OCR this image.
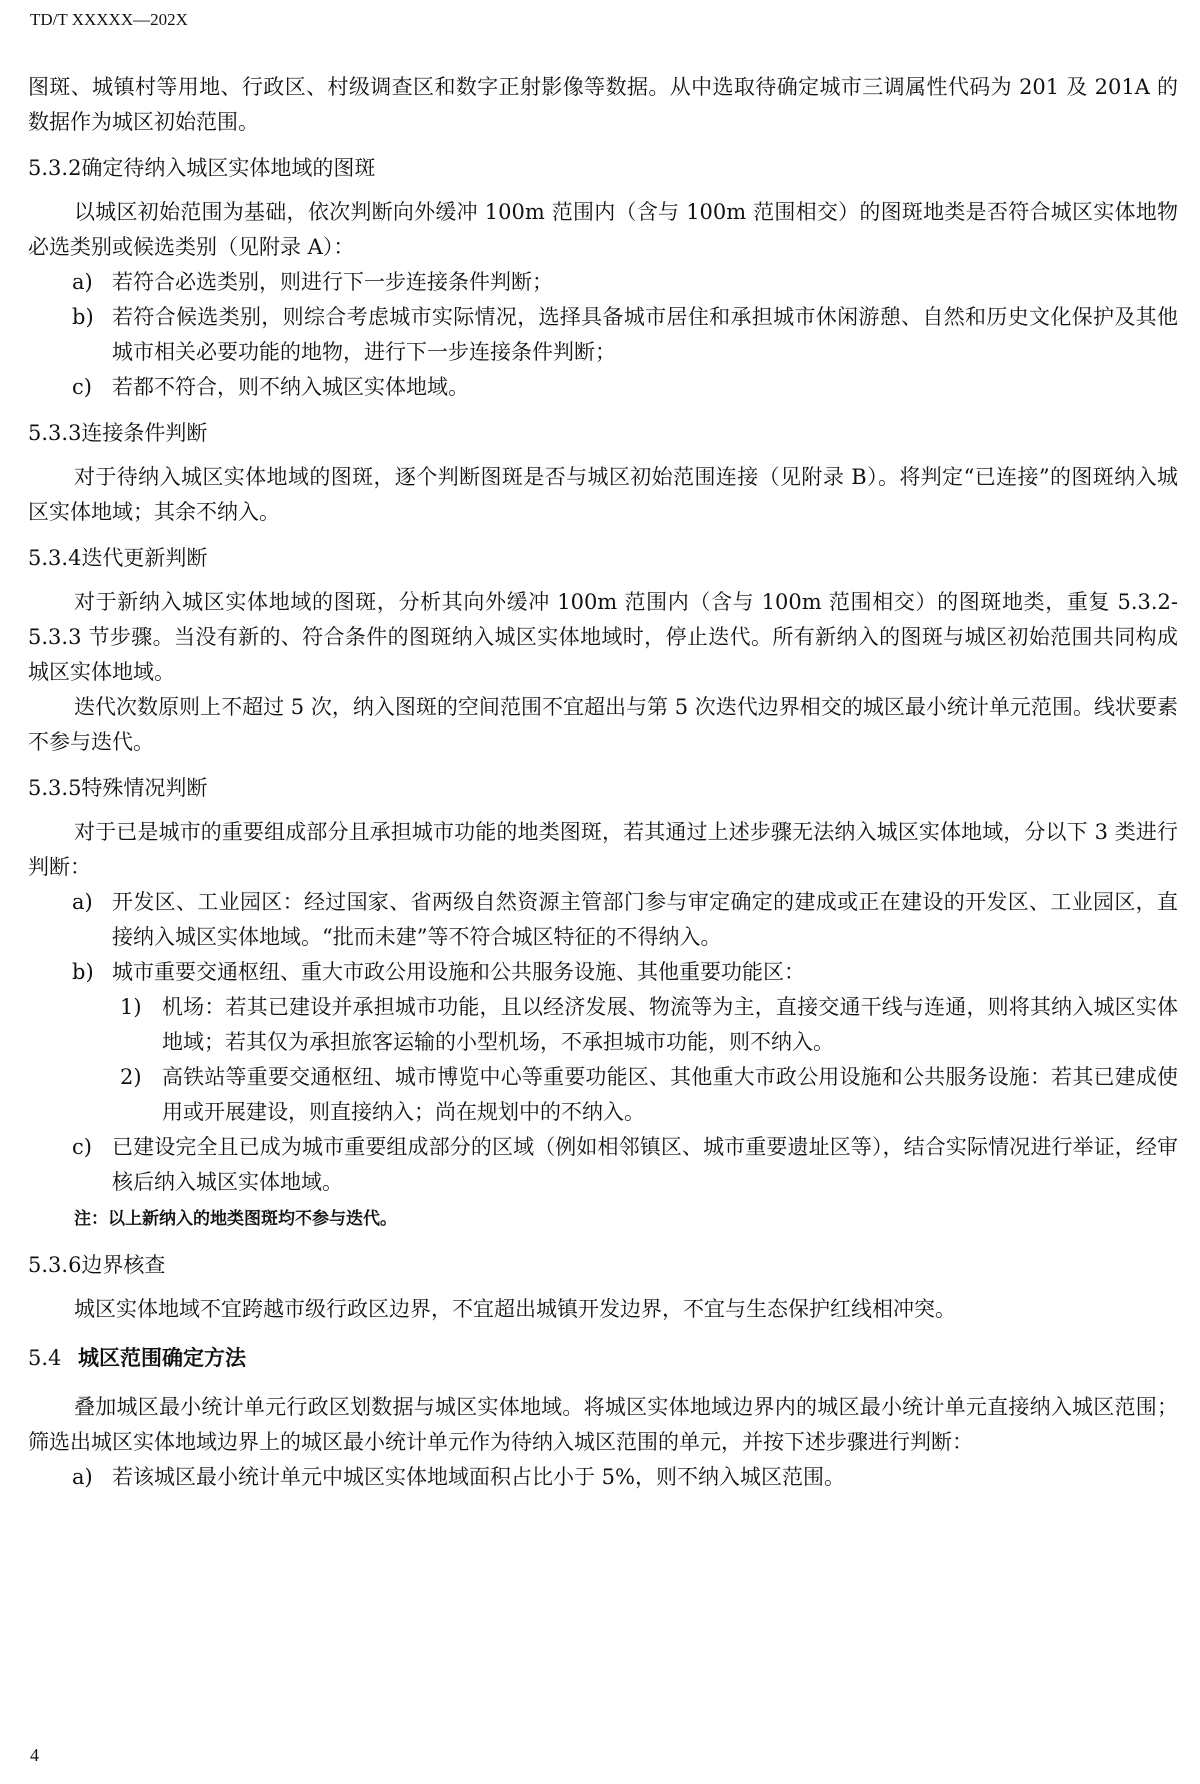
TD/T XXXXX—202X

图斑、城镇村等用地、行政区、村级调查区和数字正射影像等数据。从中选取待确定城市三调属性代码为 201 及 201A 的数据作为城区初始范围。

5.3.2确定待纳入城区实体地域的图斑

以城区初始范围为基础，依次判断向外缓冲 100m 范围内（含与 100m 范围相交）的图斑地类是否符合城区实体地物必选类别或候选类别（见附录 A）：

a) 若符合必选类别，则进行下一步连接条件判断；
b) 若符合候选类别，则综合考虑城市实际情况，选择具备城市居住和承担城市休闲游憩、自然和历史文化保护及其他城市相关必要功能的地物，进行下一步连接条件判断；
c) 若都不符合，则不纳入城区实体地域。
5.3.3连接条件判断

对于待纳入城区实体地域的图斑，逐个判断图斑是否与城区初始范围连接（见附录 B）。将判定“已连接”的图斑纳入城区实体地域；其余不纳入。

5.3.4迭代更新判断

对于新纳入城区实体地域的图斑，分析其向外缓冲 100m 范围内（含与 100m 范围相交）的图斑地类，重复 5.3.2-5.3.3 节步骤。当没有新的、符合条件的图斑纳入城区实体地域时，停止迭代。所有新纳入的图斑与城区初始范围共同构成城区实体地域。

迭代次数原则上不超过 5 次，纳入图斑的空间范围不宜超出与第 5 次迭代边界相交的城区最小统计单元范围。线状要素不参与迭代。

5.3.5特殊情况判断

对于已是城市的重要组成部分且承担城市功能的地类图斑，若其通过上述步骤无法纳入城区实体地域，分以下 3 类进行判断：

a) 开发区、工业园区：经过国家、省两级自然资源主管部门参与审定确定的建成或正在建设的开发区、工业园区，直接纳入城区实体地域。“批而未建”等不符合城区特征的不得纳入。
b) 城市重要交通枢纽、重大市政公用设施和公共服务设施、其他重要功能区：
1) 机场：若其已建设并承担城市功能，且以经济发展、物流等为主，直接交通干线与连通，则将其纳入城区实体地域；若其仅为承担旅客运输的小型机场，不承担城市功能，则不纳入。
2) 高铁站等重要交通枢纽、城市博览中心等重要功能区、其他重大市政公用设施和公共服务设施：若其已建成使用或开展建设，则直接纳入；尚在规划中的不纳入。
c) 已建设完全且已成为城市重要组成部分的区域（例如相邻镇区、城市重要遗址区等），结合实际情况进行举证，经审核后纳入城区实体地域。
注：以上新纳入的地类图斑均不参与迭代。
5.3.6边界核查

城区实体地域不宜跨越市级行政区边界，不宜超出城镇开发边界，不宜与生态保护红线相冲突。

5.4 城区范围确定方法

叠加城区最小统计单元行政区划数据与城区实体地域。将城区实体地域边界内的城区最小统计单元直接纳入城区范围；筛选出城区实体地域边界上的城区最小统计单元作为待纳入城区范围的单元，并按下述步骤进行判断：

a) 若该城区最小统计单元中城区实体地域面积占比小于 5%，则不纳入城区范围。
4
